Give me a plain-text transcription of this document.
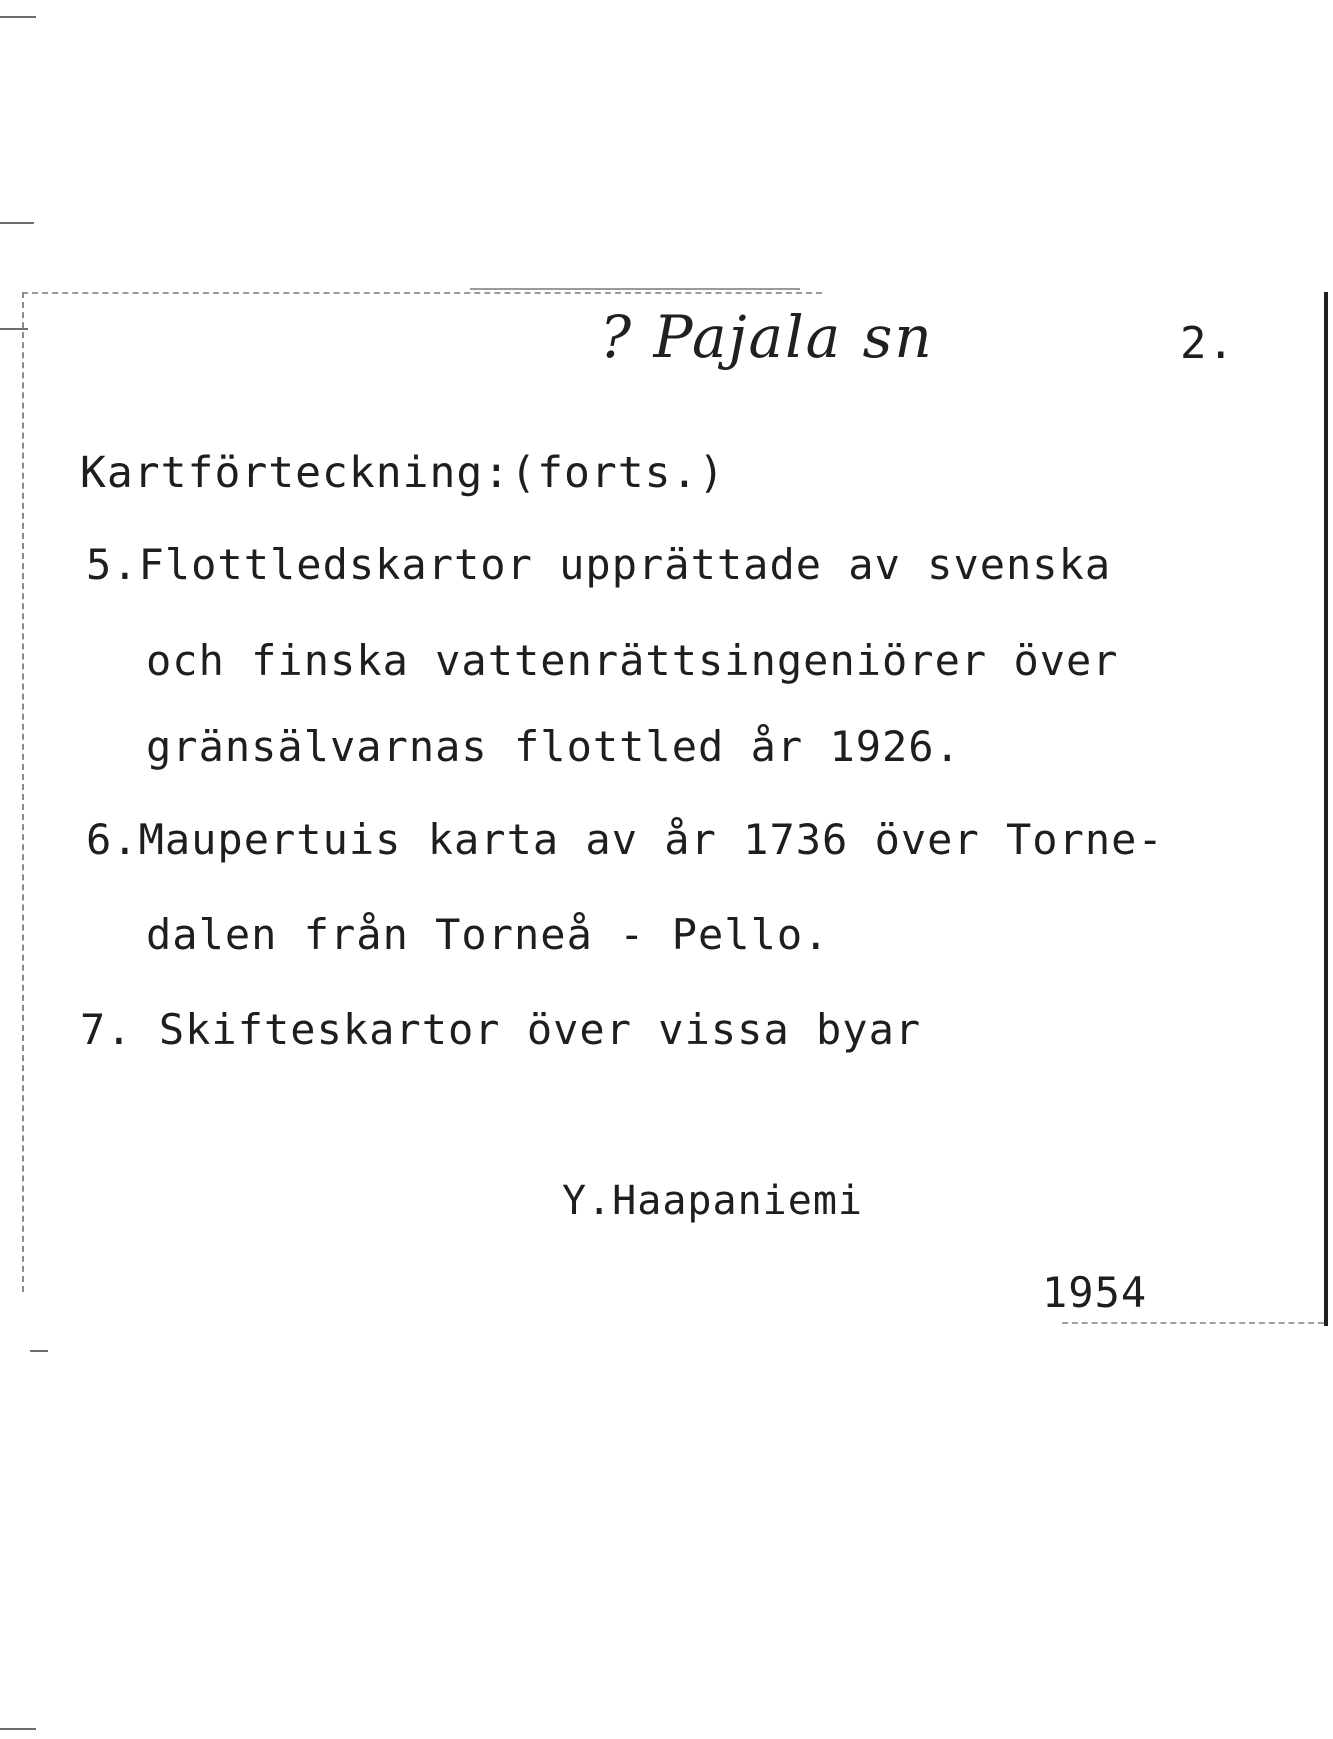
? Pajala sn	2.
Kartförteckning:(forts.)
5.Flottledskartor upprättade av svenska
och finska vattenrättsingeniörer över
gränsälvarnas flottled år 1926.
6.Maupertuis karta av år 1736 över Torne-
dalen från Torneå - Pello.
7. Skifteskartor över vissa byar
Y.Haapaniemi
1954
